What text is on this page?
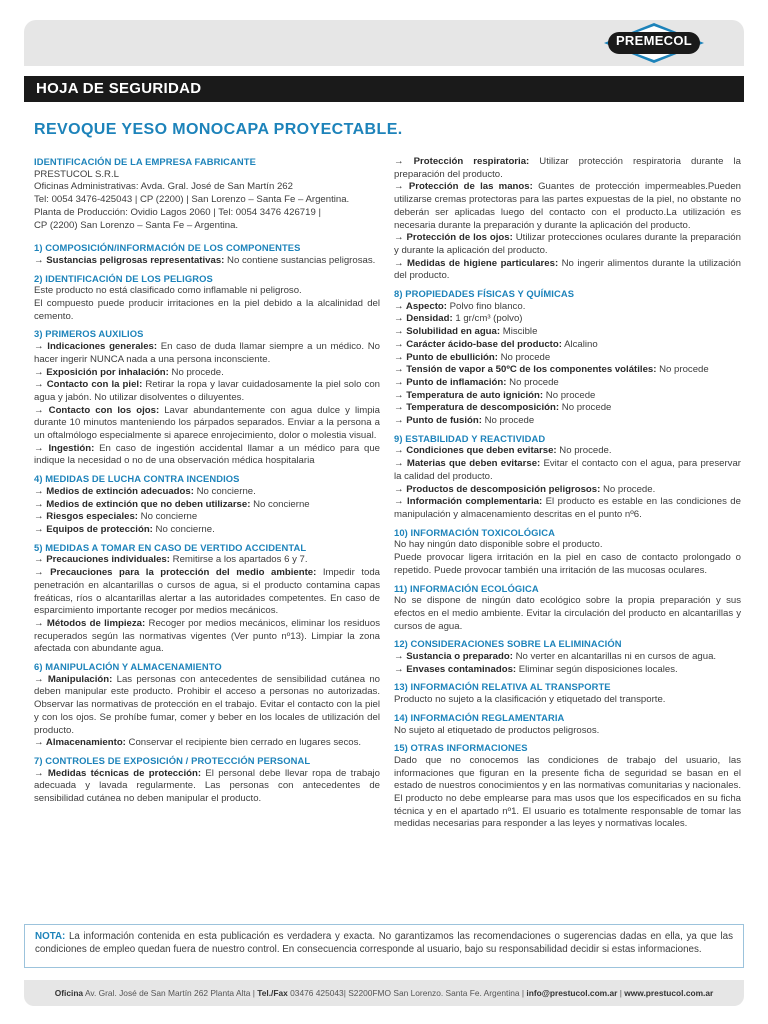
PREMECOL
HOJA DE SEGURIDAD
REVOQUE YESO MONOCAPA PROYECTABLE.
IDENTIFICACIÓN DE LA EMPRESA FABRICANTE

PRESTUCOL S.R.L

Oficinas Administrativas: Avda. Gral. José de San Martín 262

Tel: 0054 3476-425043 | CP (2200) | San Lorenzo – Santa Fe – Argentina.

Planta de Producción: Ovidio Lagos 2060 | Tel: 0054 3476 426719 |

CP (2200) San Lorenzo – Santa Fe – Argentina.

1) COMPOSICIÓN/INFORMACIÓN DE LOS COMPONENTES

→ Sustancias peligrosas representativas: No contiene sustancias peligrosas.

2) IDENTIFICACIÓN DE LOS PELIGROS

Este producto no está clasificado como inflamable ni peligroso.

El compuesto puede producir irritaciones en la piel debido a la alcalinidad del cemento.

3) PRIMEROS AUXILIOS

→ Indicaciones generales: En caso de duda llamar siempre a un médico. No hacer ingerir NUNCA nada a una persona inconsciente.

→ Exposición por inhalación: No procede.

→ Contacto con la piel: Retirar la ropa y lavar cuidadosamente la piel solo con agua y jabón. No utilizar disolventes o diluyentes.

→ Contacto con los ojos: Lavar abundantemente con agua dulce y limpia durante 10 minutos manteniendo los párpados separados. Enviar a la persona a un oftalmólogo especialmente si aparece enrojecimiento, dolor o molestia visual.

→ Ingestión: En caso de ingestión accidental llamar a un médico para que indique la necesidad o no de una observación médica hospitalaria

4) MEDIDAS DE LUCHA CONTRA INCENDIOS

→ Medios de extinción adecuados: No concierne.

→ Medios de extinción que no deben utilizarse: No concierne

→ Riesgos especiales: No concierne

→ Equipos de protección: No concierne.

5) MEDIDAS A TOMAR EN CASO DE VERTIDO ACCIDENTAL

→ Precauciones individuales: Remitirse a los apartados 6 y 7.

→ Precauciones para la protección del medio ambiente: Impedir toda penetración en alcantarillas o cursos de agua, si el producto contamina capas freáticas, ríos o alcantarillas alertar a las autoridades competentes. En caso de esparcimiento importante recoger por medios mecánicos.

→ Métodos de limpieza: Recoger por medios mecánicos, eliminar los residuos recuperados según las normativas vigentes (Ver punto nº13). Limpiar la zona afectada con abundante agua.

6) MANIPULACIÓN Y ALMACENAMIENTO

→ Manipulación: Las personas con antecedentes de sensibilidad cutánea no deben manipular este producto. Prohibir el acceso a personas no autorizadas. Observar las normativas de protección en el trabajo. Evitar el contacto con la piel y con los ojos. Se prohíbe fumar, comer y beber en los locales de utilización del producto.

→ Almacenamiento: Conservar el recipiente bien cerrado en lugares secos.

7) CONTROLES DE EXPOSICIÓN / PROTECCIÓN PERSONAL

→ Medidas técnicas de protección: El personal debe llevar ropa de trabajo adecuada y lavada regularmente. Las personas con antecedentes de sensibilidad cutánea no deben manipular el producto.

→ Protección respiratoria: Utilizar protección respiratoria durante la preparación del producto.

→ Protección de las manos: Guantes de protección impermeables.Pueden utilizarse cremas protectoras para las partes expuestas de la piel, no obstante no deberán ser aplicadas luego del contacto con el producto.La utilización es necesaria durante la preparación y durante la aplicación del producto.

→ Protección de los ojos: Utilizar protecciones oculares durante la preparación y durante la aplicación del producto.

→ Medidas de higiene particulares: No ingerir alimentos durante la utilización del producto.

8) PROPIEDADES FÍSICAS Y QUÍMICAS

→ Aspecto: Polvo fino blanco.

→ Densidad: 1 gr/cm³ (polvo)

→ Solubilidad en agua: Miscible

→ Carácter ácido-base del producto: Alcalino

→ Punto de ebullición: No procede

→ Tensión de vapor a 50ºC de los componentes volátiles: No procede

→ Punto de inflamación: No procede

→ Temperatura de auto ignición: No procede

→ Temperatura de descomposición: No procede

→ Punto de fusión: No procede

9) ESTABILIDAD Y REACTIVIDAD

→ Condiciones que deben evitarse: No procede.

→ Materias que deben evitarse: Evitar el contacto con el agua, para preservar la calidad del producto.

→ Productos de descomposición peligrosos: No procede.

→ Información complementaria: El producto es estable en las condiciones de manipulación y almacenamiento descritas en el punto nº6.

10) INFORMACIÓN TOXICOLÓGICA

No hay ningún dato disponible sobre el producto.

Puede provocar ligera irritación en la piel en caso de contacto prolongado o repetido. Puede provocar también una irritación de las mucosas oculares.

11) INFORMACIÓN ECOLÓGICA

No se dispone de ningún dato ecológico sobre la propia preparación y sus efectos en el medio ambiente. Evitar la circulación del producto en alcantarillas y cursos de agua.

12) CONSIDERACIONES SOBRE LA ELIMINACIÓN

→ Sustancia o preparado: No verter en alcantarillas ni en cursos de agua.

→ Envases contaminados: Eliminar según disposiciones locales.

13) INFORMACIÓN RELATIVA AL TRANSPORTE

Producto no sujeto a la clasificación y etiquetado del transporte.

14) INFORMACIÓN REGLAMENTARIA

No sujeto al etiquetado de productos peligrosos.

15) OTRAS INFORMACIONES

Dado que no conocemos las condiciones de trabajo del usuario, las informaciones que figuran en la presente ficha de seguridad se basan en el estado de nuestros conocimientos y en las normativas comunitarias y nacionales. El producto no debe emplearse para mas usos que los especificados en su ficha técnica y en el apartado nº1. El usuario es totalmente responsable de tomar las medidas necesarias para responder a las leyes y normativas locales.

NOTA: La información contenida en esta publicación es verdadera y exacta. No garantizamos las recomendaciones o sugerencias dadas en ella, ya que las condiciones de empleo quedan fuera de nuestro control. En consecuencia corresponde al usuario, bajo su responsabilidad decidir si estas informaciones.
Oficina Av. Gral. José de San Martín 262 Planta Alta | Tel./Fax 03476 425043| S2200FMO San Lorenzo. Santa Fe. Argentina | info@prestucol.com.ar | www.prestucol.com.ar
